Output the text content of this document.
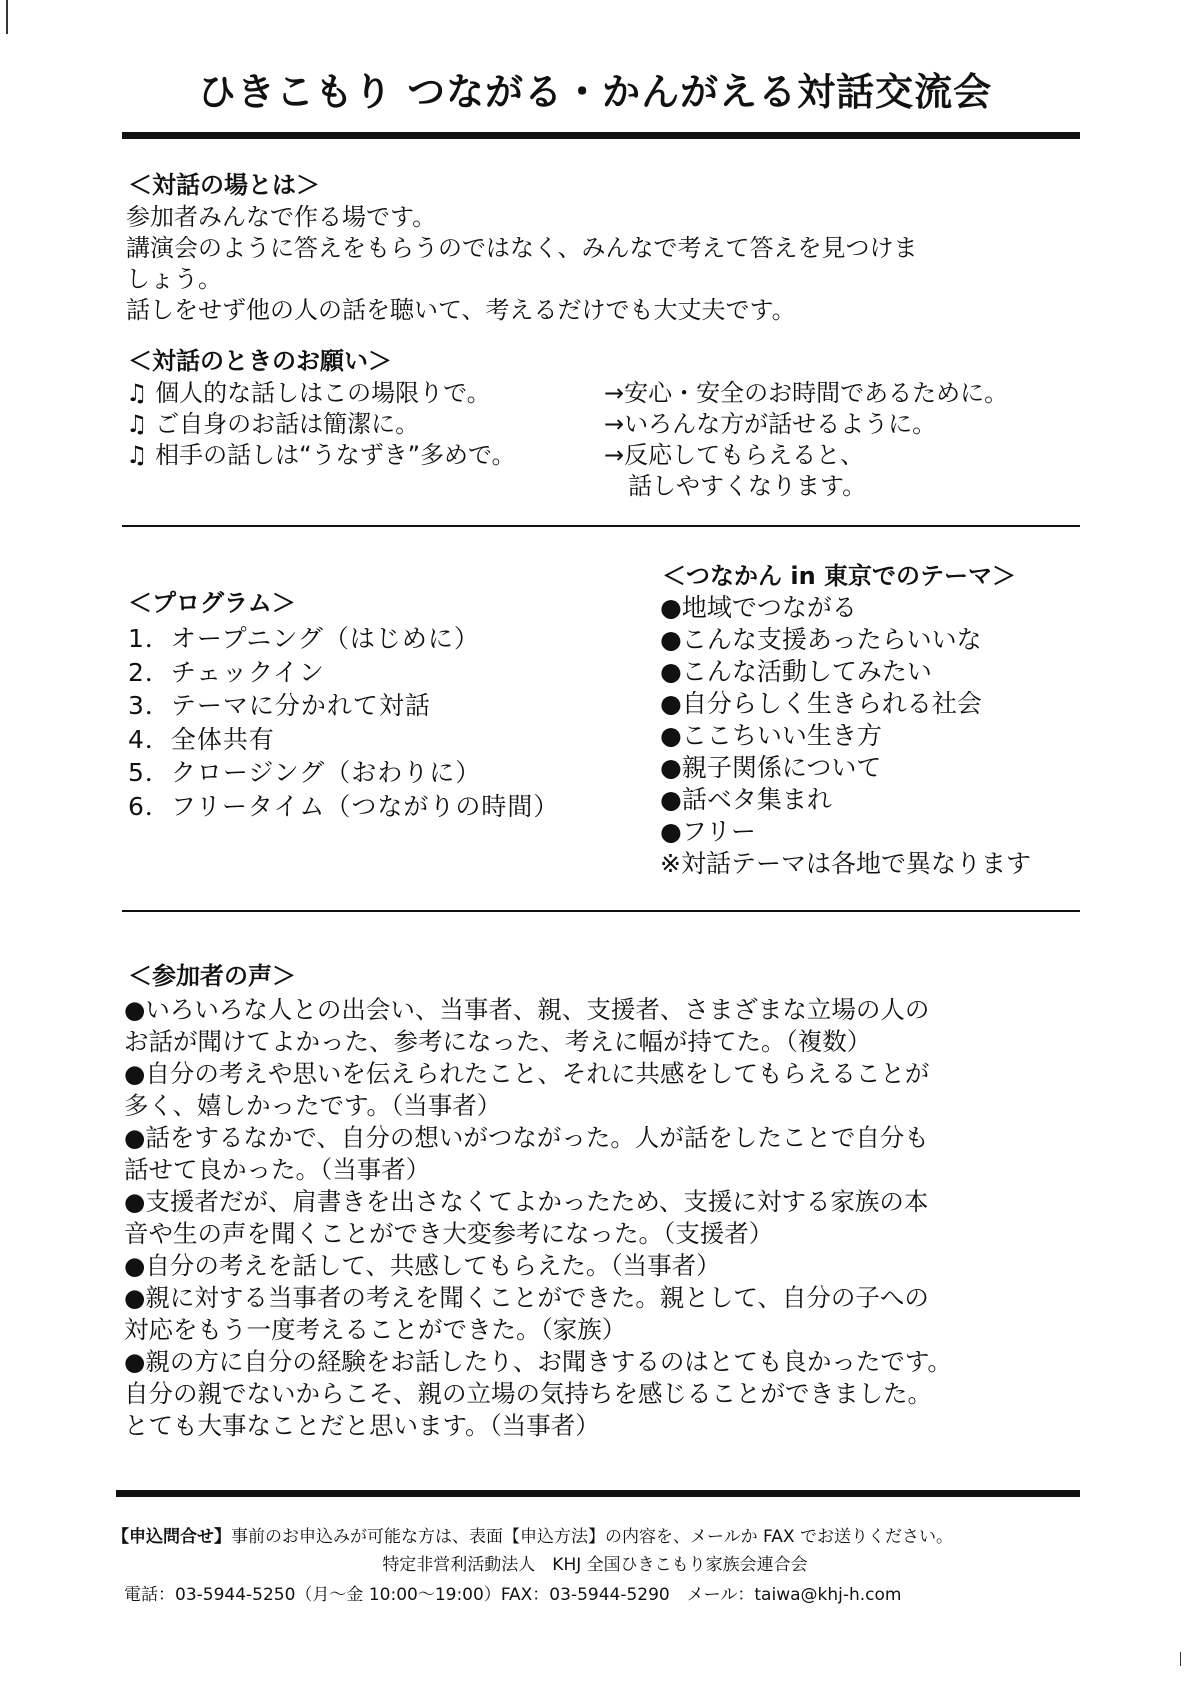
ひきこもり つながる・かんがえる対話交流会
＜対話の場とは＞
参加者みんなで作る場です。
講演会のように答えをもらうのではなく、みんなで考えて答えを見つけま
しょう。
話しをせず他の人の話を聴いて、考えるだけでも大丈夫です。
＜対話のときのお願い＞
♫ 個人的な話しはこの場限りで。
♫ ご自身のお話は簡潔に。
♫ 相手の話しは“うなずき”多めで。
→安心・安全のお時間であるために。
→いろんな方が話せるように。
→反応してもらえると、
　話しやすくなります。
＜プログラム＞
1．オープニング（はじめに）
2．チェックイン
3．テーマに分かれて対話
4．全体共有
5．クロージング（おわりに）
6．フリータイム（つながりの時間）
＜つなかん in 東京でのテーマ＞
●地域でつながる
●こんな支援あったらいいな
●こんな活動してみたい
●自分らしく生きられる社会
●ここちいい生き方
●親子関係について
●話ベタ集まれ
●フリー
※対話テーマは各地で異なります
＜参加者の声＞
●いろいろな人との出会い、当事者、親、支援者、さまざまな立場の人の
お話が聞けてよかった、参考になった、考えに幅が持てた。（複数）
●自分の考えや思いを伝えられたこと、それに共感をしてもらえることが
多く、嬉しかったです。（当事者）
●話をするなかで、自分の想いがつながった。人が話をしたことで自分も
話せて良かった。（当事者）
●支援者だが、肩書きを出さなくてよかったため、支援に対する家族の本
音や生の声を聞くことができ大変参考になった。（支援者）
●自分の考えを話して、共感してもらえた。（当事者）
●親に対する当事者の考えを聞くことができた。親として、自分の子への
対応をもう一度考えることができた。（家族）
●親の方に自分の経験をお話したり、お聞きするのはとても良かったです。
自分の親でないからこそ、親の立場の気持ちを感じることができました。
とても大事なことだと思います。（当事者）
【申込問合せ】事前のお申込みが可能な方は、表面【申込方法】の内容を、メールか FAX でお送りください。
特定非営利活動法人　KHJ 全国ひきこもり家族会連合会
電話：03-5944-5250（月～金 10:00～19:00）FAX：03-5944-5290　メール：taiwa@khj-h.com
